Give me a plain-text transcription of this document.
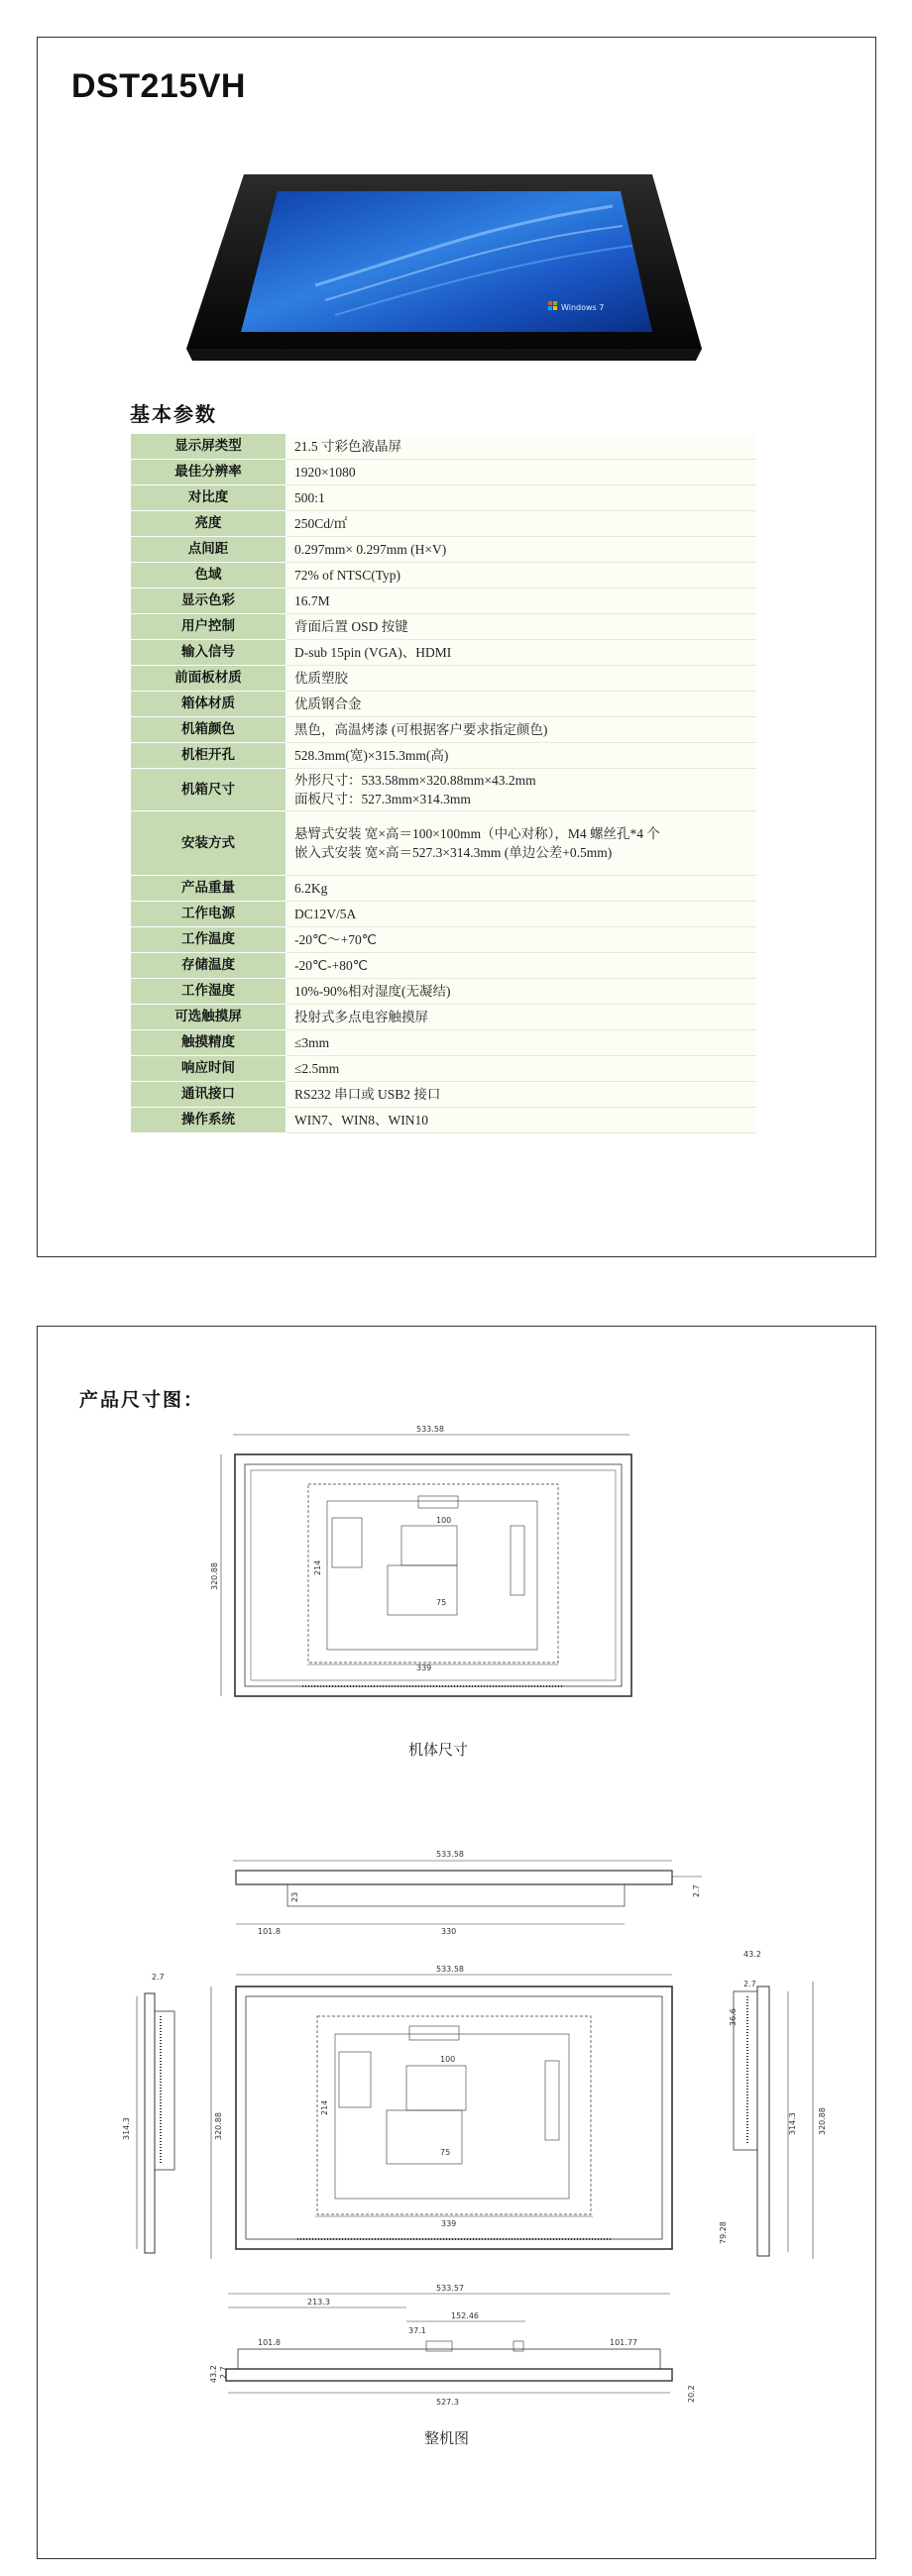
DST215VH
Windows 7
基本参数
显示屏类型	21.5 寸彩色液晶屏
最佳分辨率	1920×1080
对比度	500:1
亮度	250Cd/㎡
点间距	0.297mm× 0.297mm (H×V)
色域	72% of NTSC(Typ)
显示色彩	16.7M
用户控制	背面后置 OSD 按键
输入信号	D-sub 15pin (VGA)、HDMI
前面板材质	优质塑胶
箱体材质	优质钢合金
机箱颜色	黑色，高温烤漆 (可根据客户要求指定颜色)
机柜开孔	528.3mm(宽)×315.3mm(高)
机箱尺寸	外形尺寸：533.58mm×320.88mm×43.2mm
面板尺寸：527.3mm×314.3mm

安装方式	悬臂式安装 宽×高＝100×100mm（中心对称），M4 螺丝孔*4 个
嵌入式安装 宽×高＝527.3×314.3mm (单边公差+0.5mm)

产品重量	6.2Kg
工作电源	DC12V/5A
工作温度	-20℃～+70℃
存储温度	-20℃-+80℃
工作湿度	10%-90%相对湿度(无凝结)
可选触摸屏	投射式多点电容触摸屏
触摸精度	≤3mm
响应时间	≤2.5mm
通讯接口	RS232 串口或 USB2 接口
操作系统	WIN7、WIN8、WIN10
产品尺寸图：
533.58
320.88
100
75
214
339
机体尺寸
533.58
2.7
23
101.8	330
2.7
314.3	320.88
533.58
100
75
214
339
43.2
2.7
36.6
314.3	320.88
79.28
533.57
213.3
152.46
37.1
101.8	101.77
43.2 2.7
527.3	20.2
整机图
